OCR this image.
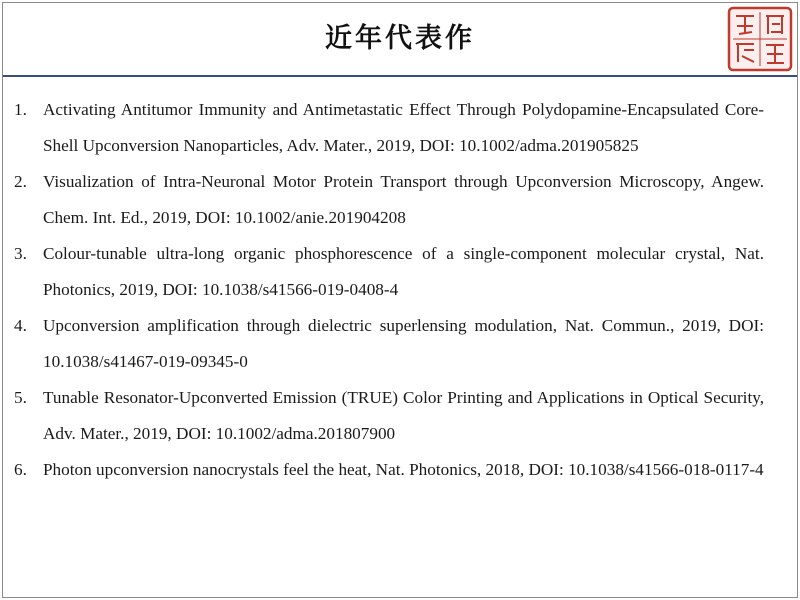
近年代表作
1. Activating Antitumor Immunity and Antimetastatic Effect Through Polydopamine-Encapsulated Core-Shell Upconversion Nanoparticles, Adv. Mater., 2019, DOI: 10.1002/adma.201905825
2. Visualization of Intra-Neuronal Motor Protein Transport through Upconversion Microscopy, Angew. Chem. Int. Ed., 2019, DOI: 10.1002/anie.201904208
3. Colour-tunable ultra-long organic phosphorescence of a single-component molecular crystal, Nat. Photonics, 2019, DOI: 10.1038/s41566-019-0408-4
4. Upconversion amplification through dielectric superlensing modulation, Nat. Commun., 2019, DOI: 10.1038/s41467-019-09345-0
5. Tunable Resonator-Upconverted Emission (TRUE) Color Printing and Applications in Optical Security, Adv. Mater., 2019, DOI: 10.1002/adma.201807900
6. Photon upconversion nanocrystals feel the heat, Nat. Photonics, 2018, DOI: 10.1038/s41566-018-0117-4
